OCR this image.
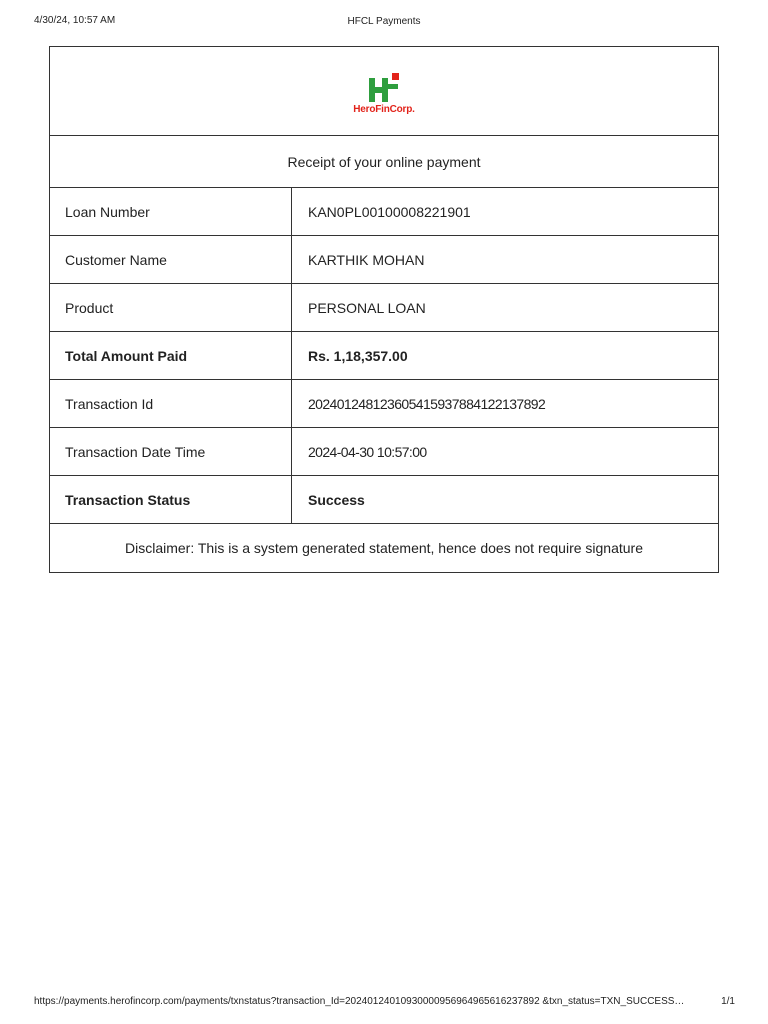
4/30/24, 10:57 AM	HFCL Payments
HeroFinCorp.
Receipt of your online payment
Loan Number	KAN0PL00100008221901
Customer Name	KARTHIK MOHAN
Product	PERSONAL LOAN
Total Amount Paid	Rs. 1,18,357.00
Transaction Id	202401248123605415937884122137892
Transaction Date Time	2024-04-30 10:57:00
Transaction Status	Success
Disclaimer: This is a system generated statement, hence does not require signature
https://payments.herofincorp.com/payments/txnstatus?transaction_Id=20240124010930000956964965616237892 &txn_status=TXN_SUCCESS…	1/1
